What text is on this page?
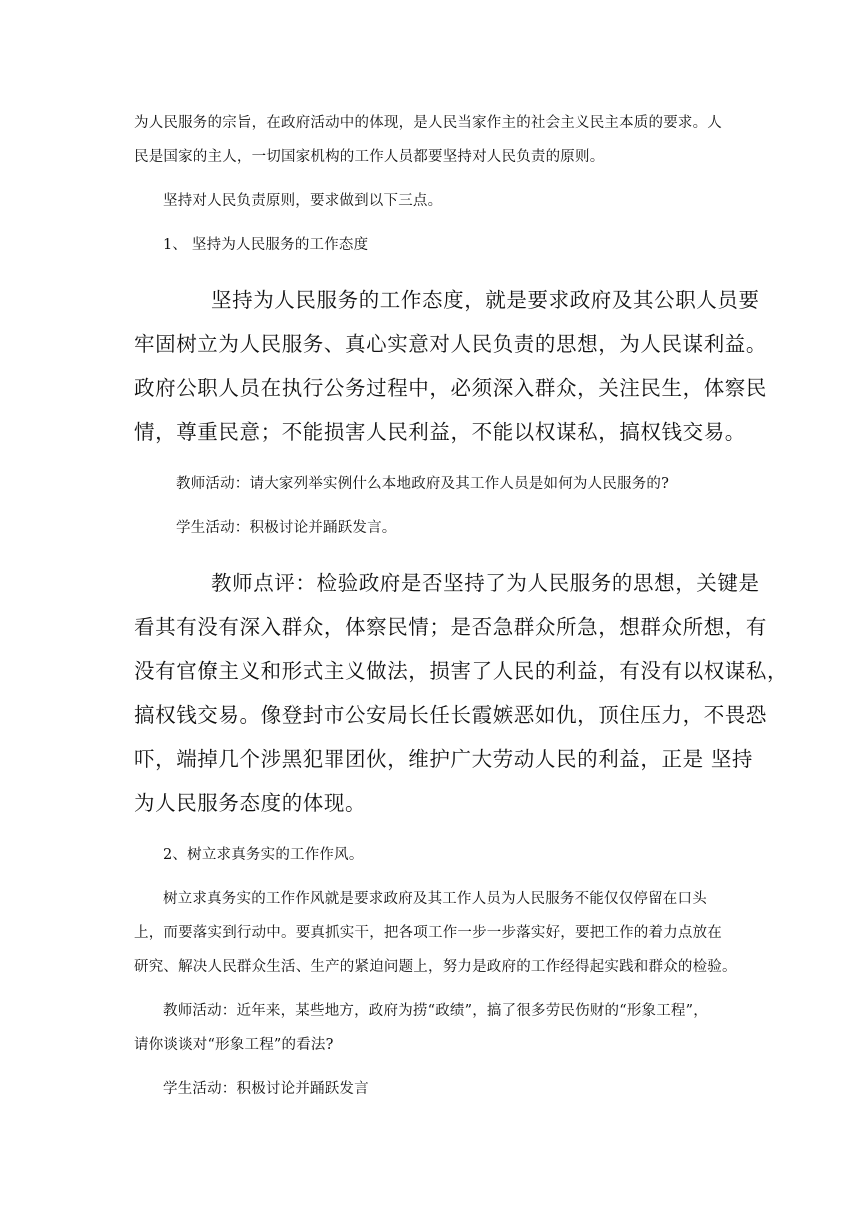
为人民服务的宗旨，在政府活动中的体现，是人民当家作主的社会主义民主本质的要求。人

民是国家的主人，一切国家机构的工作人员都要坚持对人民负责的原则。

坚持对人民负责原则，要求做到以下三点。

1、 坚持为人民服务的工作态度

坚持为人民服务的工作态度，就是要求政府及其公职人员要

牢固树立为人民服务、真心实意对人民负责的思想，为人民谋利益。

政府公职人员在执行公务过程中，必须深入群众，关注民生，体察民

情，尊重民意；不能损害人民利益，不能以权谋私，搞权钱交易。

教师活动：请大家列举实例什么本地政府及其工作人员是如何为人民服务的?

学生活动：积极讨论并踊跃发言。

教师点评：检验政府是否坚持了为人民服务的思想，关键是

看其有没有深入群众，体察民情；是否急群众所急，想群众所想，有

没有官僚主义和形式主义做法，损害了人民的利益，有没有以权谋私，

搞权钱交易。像登封市公安局长任长霞嫉恶如仇，顶住压力，不畏恐

吓，端掉几个涉黑犯罪团伙，维护广大劳动人民的利益，正是 坚持

为人民服务态度的体现。

2、树立求真务实的工作作风。

树立求真务实的工作作风就是要求政府及其工作人员为人民服务不能仅仅停留在口头

上，而要落实到行动中。要真抓实干，把各项工作一步一步落实好，要把工作的着力点放在

研究、解决人民群众生活、生产的紧迫问题上，努力是政府的工作经得起实践和群众的检验。

教师活动：近年来，某些地方，政府为捞“政绩”，搞了很多劳民伤财的“形象工程”，

请你谈谈对“形象工程”的看法?

学生活动：积极讨论并踊跃发言
